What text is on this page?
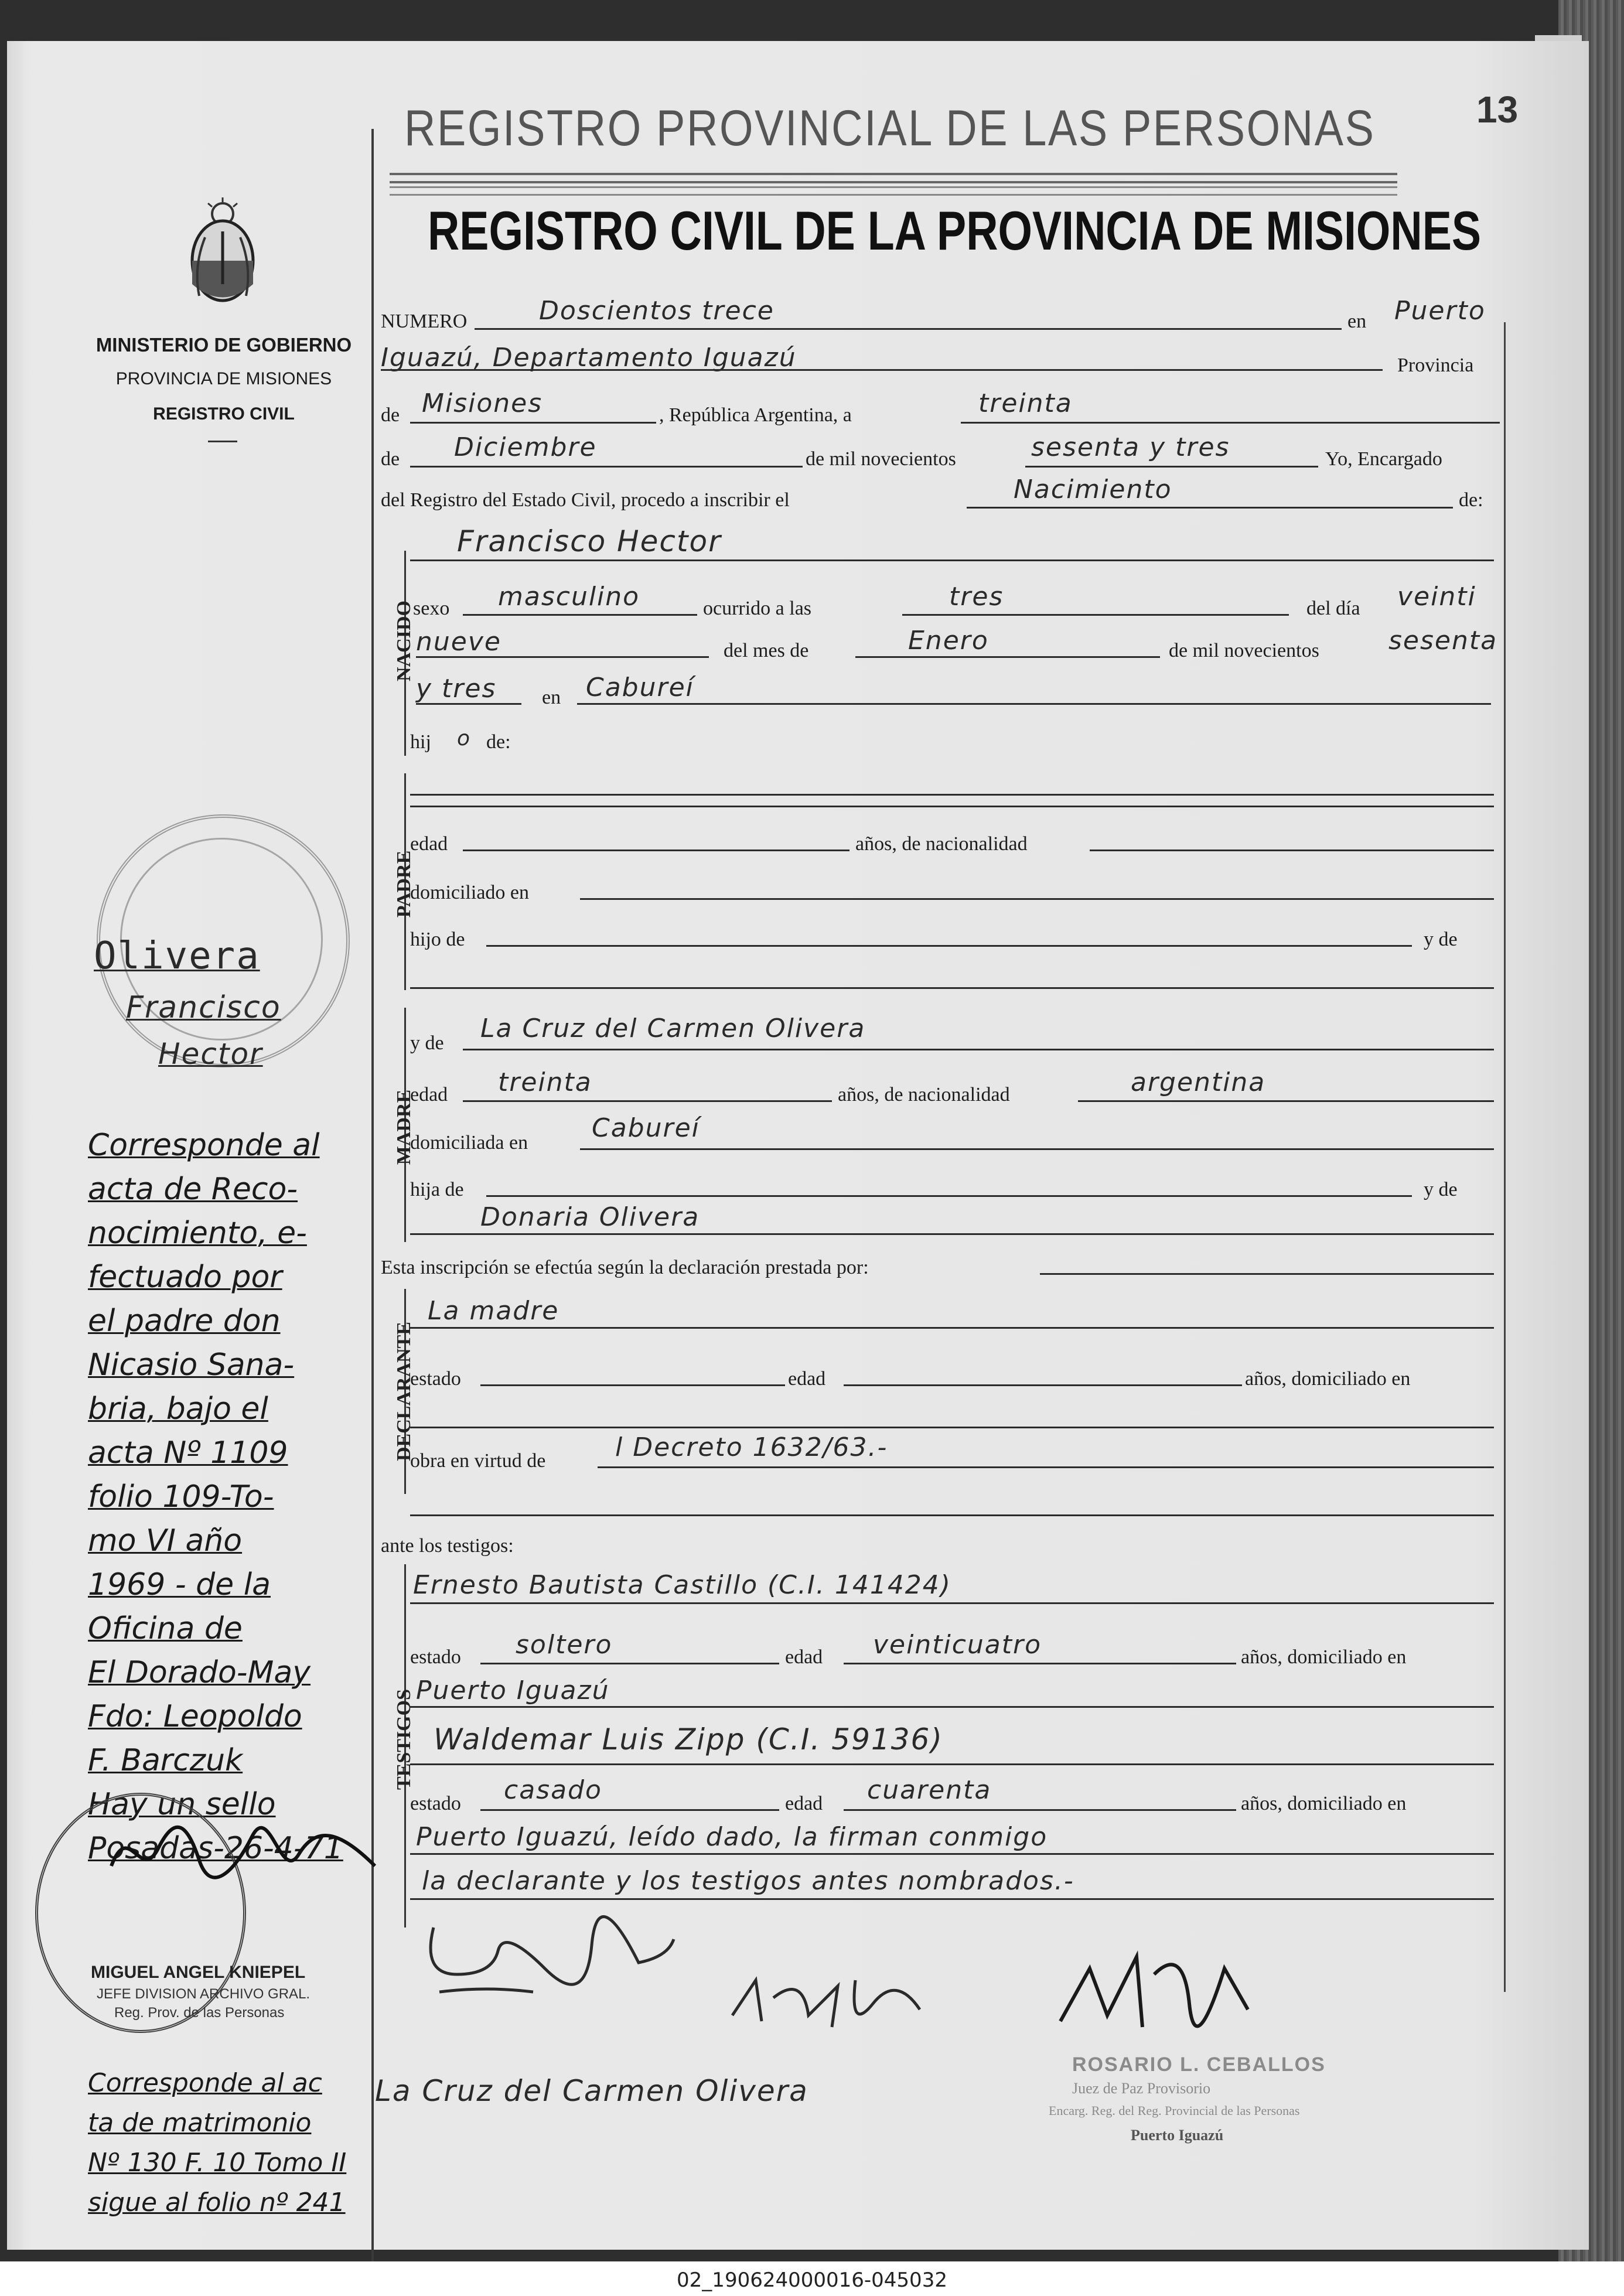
REGISTRO PROVINCIAL DE LAS PERSONAS
REGISTRO CIVIL DE LA PROVINCIA DE MISIONES
13
MINISTERIO DE GOBIERNO
PROVINCIA DE MISIONES
REGISTRO CIVIL
NUMERO	Doscientos trece	en Puerto
Iguazú, Departamento Iguazú	Provincia
de Misiones	, República Argentina, a	treinta
de Diciembre	de mil novecientos	sesenta y tres	Yo, Encargado
del Registro del Estado Civil, procedo a inscribir el	Nacimiento	de:
NACIDO
Francisco Hector
sexo masculino	ocurrido a las	tres	del día veinti
nueve	del mes de	Enero	de mil novecientos	sesenta
y tres en Cabureí
hij o de:
PADRE
edad	años, de nacionalidad
domiciliado en
hijo de	y de
MADRE
y de La Cruz del Carmen Olivera
edad treinta	años, de nacionalidad	argentina
domiciliada en Cabureí
hija de	y de
Donaria Olivera
Esta inscripción se efectúa según la declaración prestada por:
DECLARANTE
La madre
estado	edad	años, domiciliado en
obra en virtud de	l Decreto 1632/63.-
ante los testigos:
TESTIGOS
Ernesto Bautista Castillo (C.I. 141424)
estado soltero	edad veinticuatro	años, domiciliado en
Puerto Iguazú
Waldemar Luis Zipp (C.I. 59136)
estado casado	edad cuarenta	años, domiciliado en
Puerto Iguazú, leído dado, la firman conmigo
la declarante y los testigos antes nombrados.-
Olivera
Francisco
Hector
Corresponde al
acta de Reco-
nocimiento, e-
fectuado por
el padre don
Nicasio Sana-
bria, bajo el
acta Nº 1109
folio 109-To-
mo VI año
1969 - de la
Oficina de
El Dorado-May
Fdo: Leopoldo
F. Barczuk
Hay un sello
Posadas-26-4-71
MIGUEL ANGEL KNIEPEL
JEFE DIVISION ARCHIVO GRAL.
Reg. Prov. de las Personas
Corresponde al ac
ta de matrimonio
Nº 130 F. 10 Tomo II
sigue al folio nº 241
ROSARIO L. CEBALLOS
Juez de Paz Provisorio
Encarg. Reg. del Reg. Provincial de las Personas
Puerto Iguazú
La Cruz del Carmen Olivera
02_190624000016-045032
